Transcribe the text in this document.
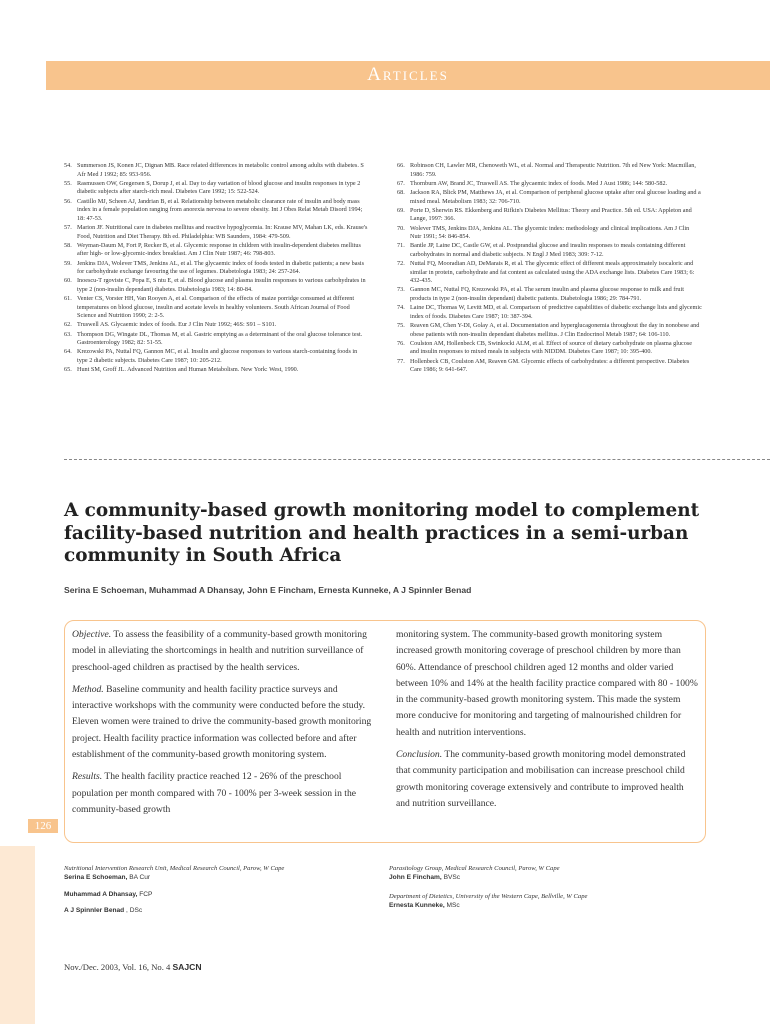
Articles
54. Summerson JS, Konen JC, Dignan MB. Race related differences in metabolic control among adults with diabetes. S Afr Med J 1992; 85: 953-956.
55. Rasmussen OW, Gregersen S, Dorup J, et al. Day to day variation of blood glucose and insulin responses in type 2 diabetic subjects after starch-rich meal. Diabetes Care 1992; 15: 522-524.
56. Castillo MJ, Scheen AJ, Jandrian B, et al. Relationship between metabolic clearance rate of insulin and body mass index in a female population ranging from anorexia nervosa to severe obesity. Int J Obes Relat Metab Disord 1994; 18: 47-53.
57. Marion JF. Nutritional care in diabetes mellitus and reactive hypoglycemia. In: Krause MV, Mahan LK, eds. Krause's Food, Nutrition and Diet Therapy. 8th ed. Philadelphia: WB Saunders, 1984: 479-509.
58. Weyman-Daum M, Fort P, Recker B, et al. Glycemic response in children with insulin-dependent diabetes mellitus after high- or low-glycemic-index breakfast. Am J Clin Nutr 1987; 46: 798-803.
59. Jenkins DJA, Wolever TMS, Jenkins AL, et al. The glycaemic index of foods tested in diabetic patients; a new basis for carbohydrate exchange favouring the use of legumes. Diabetologia 1983; 24: 257-264.
60. Inoescu-T rgoviste C, Popa E, S ntu E, et al. Blood glucose and plasma insulin responses to various carbohydrates in type 2 (non-insulin dependant) diabetes. Diabetologia 1983; 14: 80-84.
61. Venter CS, Vorster HH, Van Rooyen A, et al. Comparison of the effects of maize porridge consumed at different temperatures on blood glucose, insulin and acetate levels in healthy volunteers. South African Journal of Food Science and Nutrition 1990; 2: 2-5.
62. Truswell AS. Glycaemic index of foods. Eur J Clin Nutr 1992; 46S: S91 – S101.
63. Thompson DG, Wingate DL, Thomas M, et al. Gastric emptying as a determinant of the oral glucose tolerance test. Gastroenterology 1982; 82: 51-55.
64. Krezowski PA, Nuttal FQ, Gannon MC, et al. Insulin and glucose responses to various starch-containing foods in type 2 diabetic subjects. Diabetes Care 1987; 10: 205-212.
65. Hunt SM, Groff JL. Advanced Nutrition and Human Metabolism. New York: West, 1990.
66. Robinson CH, Lawler MR, Chenoweth WL, et al. Normal and Therapeutic Nutrition. 7th ed New York: Macmillan, 1986: 759.
67. Thornburn AW, Brand JC, Truswell AS. The glycaemic index of foods. Med J Aust 1986; 144: 580-582.
68. Jackson RA, Blick PM, Matthews JA, et al. Comparison of peripheral glucose uptake after oral glucose loading and a mixed meal. Metabolism 1983; 32: 706-710.
69. Porte D, Sherwin RS. Ekkenberg and Rifkin's Diabetes Mellitus: Theory and Practice. 5th ed. USA: Appleton and Lange, 1997: 366.
70. Wolever TMS, Jenkins DJA, Jenkins AL. The glycemic index: methodology and clinical implications. Am J Clin Nutr 1991; 54: 846-854.
71. Bantle JP, Laine DC, Castle GW, et al. Postprandial glucose and insulin responses to meals containing different carbohydrates in normal and diabetic subjects. N Engl J Med 1983; 309: 7-12.
72. Nuttal FQ, Mooradian AD, DeMarais R, et al. The glycemic effect of different meals approximately isocaloric and similar in protein, carbohydrate and fat content as calculated using the ADA exchange lists. Diabetes Care 1983; 6: 432-435.
73. Gannon MC, Nuttal FQ, Krezowski PA, et al. The serum insulin and plasma glucose response to milk and fruit products in type 2 (non-insulin dependant) diabetic patients. Diabetologia 1986; 29: 784-791.
74. Laine DC, Thomas W, Levitt MD, et al. Comparison of predictive capabilities of diabetic exchange lists and glycemic index of foods. Diabetes Care 1987; 10: 387-394.
75. Reaven GM, Chen Y-DI, Golay A, et al. Documentation and hyperglucagonemia throughout the day in nonobese and obese patients with non-insulin dependant diabetes mellitus. J Clin Endocrinol Metab 1987; 64: 106-110.
76. Coulston AM, Hollenbeck CB, Swinkocki ALM, et al. Effect of source of dietary carbohydrate on plasma glucose and insulin responses to mixed meals in subjects with NIDDM. Diabetes Care 1987; 10: 395-400.
77. Hollenbeck CB, Coulston AM, Reaven GM. Glycemic effects of carbohydrates: a different perspective. Diabetes Care 1986; 9: 641-647.
A community-based growth monitoring model to complement facility-based nutrition and health practices in a semi-urban community in South Africa
Serina E Schoeman, Muhammad A Dhansay, John E Fincham, Ernesta Kunneke, A J Spinnler Benad

Objective. To assess the feasibility of a community-based growth monitoring model in alleviating the shortcomings in health and nutrition surveillance of preschool-aged children as practised by the health services.

Method. Baseline community and health facility practice surveys and interactive workshops with the community were conducted before the study. Eleven women were trained to drive the community-based growth monitoring project. Health facility practice information was collected before and after establishment of the community-based growth monitoring system.

Results. The health facility practice reached 12 - 26% of the preschool population per month compared with 70 - 100% per 3-week session in the community-based growth

monitoring system. The community-based growth monitoring system increased growth monitoring coverage of preschool children by more than 60%. Attendance of preschool children aged 12 months and older varied between 10% and 14% at the health facility practice compared with 80 - 100% in the community-based growth monitoring system. This made the system more conducive for monitoring and targeting of malnourished children for health and nutrition interventions.

Conclusion. The community-based growth monitoring model demonstrated that community participation and mobilisation can increase preschool child growth monitoring coverage extensively and contribute to improved health and nutrition surveillance.

126
Nutritional Intervention Research Unit, Medical Research Council, Parow, W Cape
Serina E Schoeman, BA Cur
Muhammad A Dhansay, FCP
A J Spinnler Benad , DSc
Parasitology Group, Medical Research Council, Parow, W Cape
John E Fincham, BVSc
Department of Dietetics, University of the Western Cape, Bellville, W Cape
Ernesta Kunneke, MSc
Nov./Dec. 2003, Vol. 16, No. 4 SAJCN
